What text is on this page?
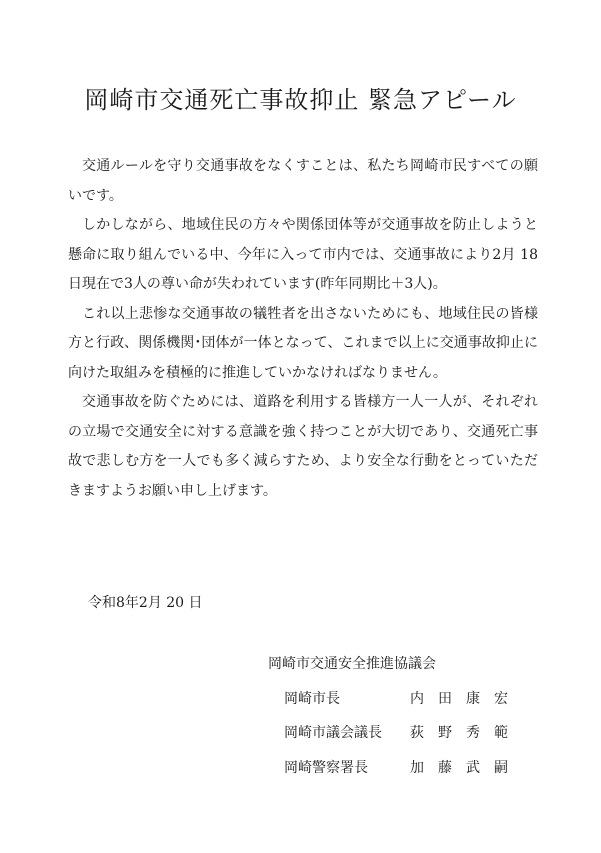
岡崎市交通死亡事故抑止 緊急アピール

交通ルールを守り交通事故をなくすことは、私たち岡崎市民すべての願いです。

しかしながら、地域住民の方々や関係団体等が交通事故を防止しようと懸命に取り組んでいる中、今年に入って市内では、交通事故により2月 18 日現在で3人の尊い命が失われています(昨年同期比＋3人)。

これ以上悲惨な交通事故の犠牲者を出さないためにも、地域住民の皆様方と行政、関係機関･団体が一体となって、これまで以上に交通事故抑止に向けた取組みを積極的に推進していかなければなりません。

交通事故を防ぐためには、道路を利用する皆様方一人一人が、それぞれの立場で交通安全に対する意識を強く持つことが大切であり、交通死亡事故で悲しむ方を一人でも多く減らすため、より安全な行動をとっていただきますようお願い申し上げます。

令和8年2月 20 日
岡崎市交通安全推進協議会
岡崎市長	内田康宏
岡崎市議会議長 荻野秀範
岡崎警察署長	加藤武嗣
